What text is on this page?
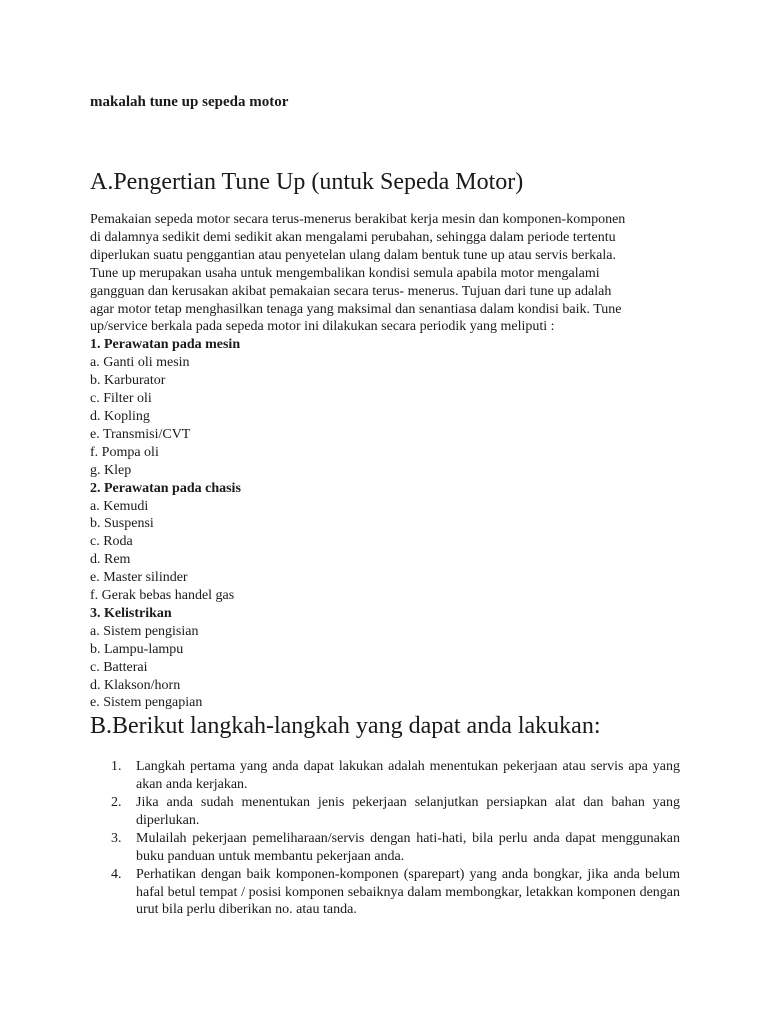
makalah tune up sepeda motor
A.Pengertian Tune Up (untuk Sepeda Motor)
Pemakaian sepeda motor secara terus-menerus berakibat kerja mesin dan komponen-komponen
di dalamnya sedikit demi sedikit akan mengalami perubahan, sehingga dalam periode tertentu
diperlukan suatu penggantian atau penyetelan ulang dalam bentuk tune up atau servis berkala.
Tune up merupakan usaha untuk mengembalikan kondisi semula apabila motor mengalami
gangguan dan kerusakan akibat pemakaian secara terus- menerus. Tujuan dari tune up adalah
agar motor tetap menghasilkan tenaga yang maksimal dan senantiasa dalam kondisi baik. Tune
up/service berkala pada sepeda motor ini dilakukan secara periodik yang meliputi :
1. Perawatan pada mesin
a. Ganti oli mesin
b. Karburator
c. Filter oli
d. Kopling
e. Transmisi/CVT
f. Pompa oli
g. Klep
2. Perawatan pada chasis
a. Kemudi
b. Suspensi
c. Roda
d. Rem
e. Master silinder
f. Gerak bebas handel gas
3. Kelistrikan
a. Sistem pengisian
b. Lampu-lampu
c. Batterai
d. Klakson/horn
e. Sistem pengapian
B.Berikut langkah-langkah yang dapat anda lakukan:
1. Langkah pertama yang anda dapat lakukan adalah menentukan pekerjaan atau servis apa yang akan anda kerjakan.
2. Jika anda sudah menentukan jenis pekerjaan selanjutkan persiapkan alat dan bahan yang diperlukan.
3. Mulailah pekerjaan pemeliharaan/servis dengan hati-hati, bila perlu anda dapat menggunakan buku panduan untuk membantu pekerjaan anda.
4. Perhatikan dengan baik komponen-komponen (sparepart) yang anda bongkar, jika anda belum hafal betul tempat / posisi komponen sebaiknya dalam membongkar, letakkan komponen dengan urut bila perlu diberikan no. atau tanda.
